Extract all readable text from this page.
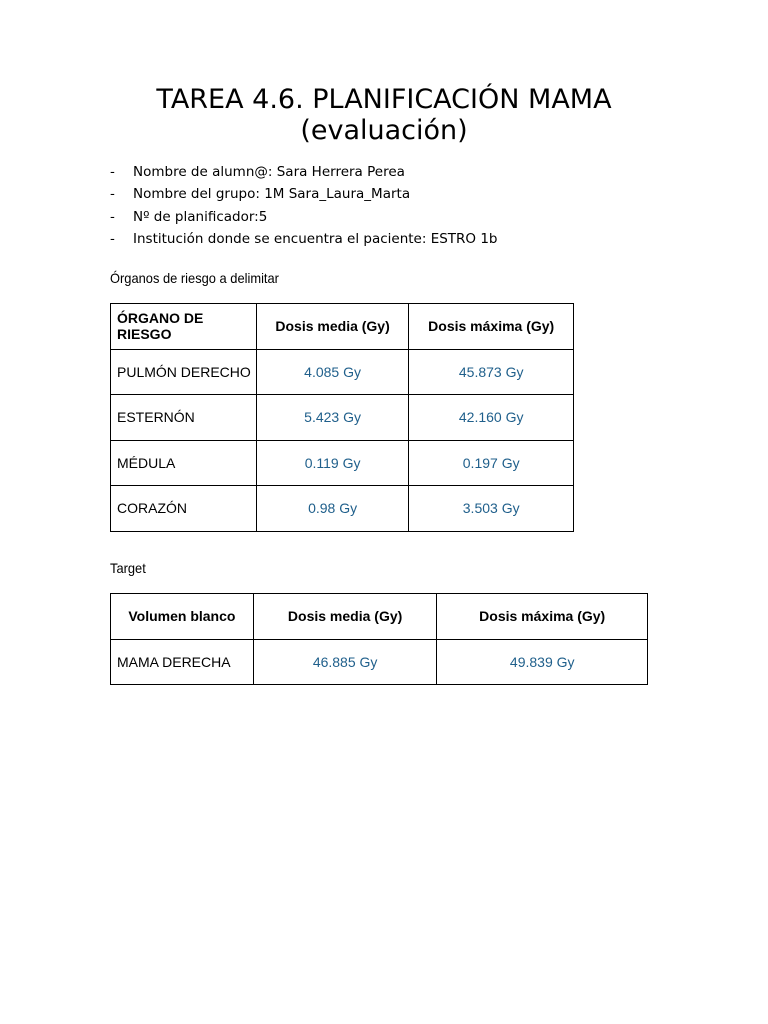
TAREA 4.6. PLANIFICACIÓN MAMA
(evaluación)
- Nombre de alumn@: Sara Herrera Perea
- Nombre del grupo: 1M Sara_Laura_Marta
- Nº de planificador:5
- Institución donde se encuentra el paciente: ESTRO 1b
Órganos de riesgo a delimitar
ÓRGANO DE RIESGO	Dosis media (Gy)	Dosis máxima (Gy)
PULMÓN DERECHO	4.085 Gy	45.873 Gy
ESTERNÓN	5.423 Gy	42.160 Gy
MÉDULA	0.119 Gy	0.197 Gy
CORAZÓN	0.98 Gy	3.503 Gy
Target
Volumen blanco	Dosis media (Gy)	Dosis máxima (Gy)
MAMA DERECHA	46.885 Gy	49.839 Gy
